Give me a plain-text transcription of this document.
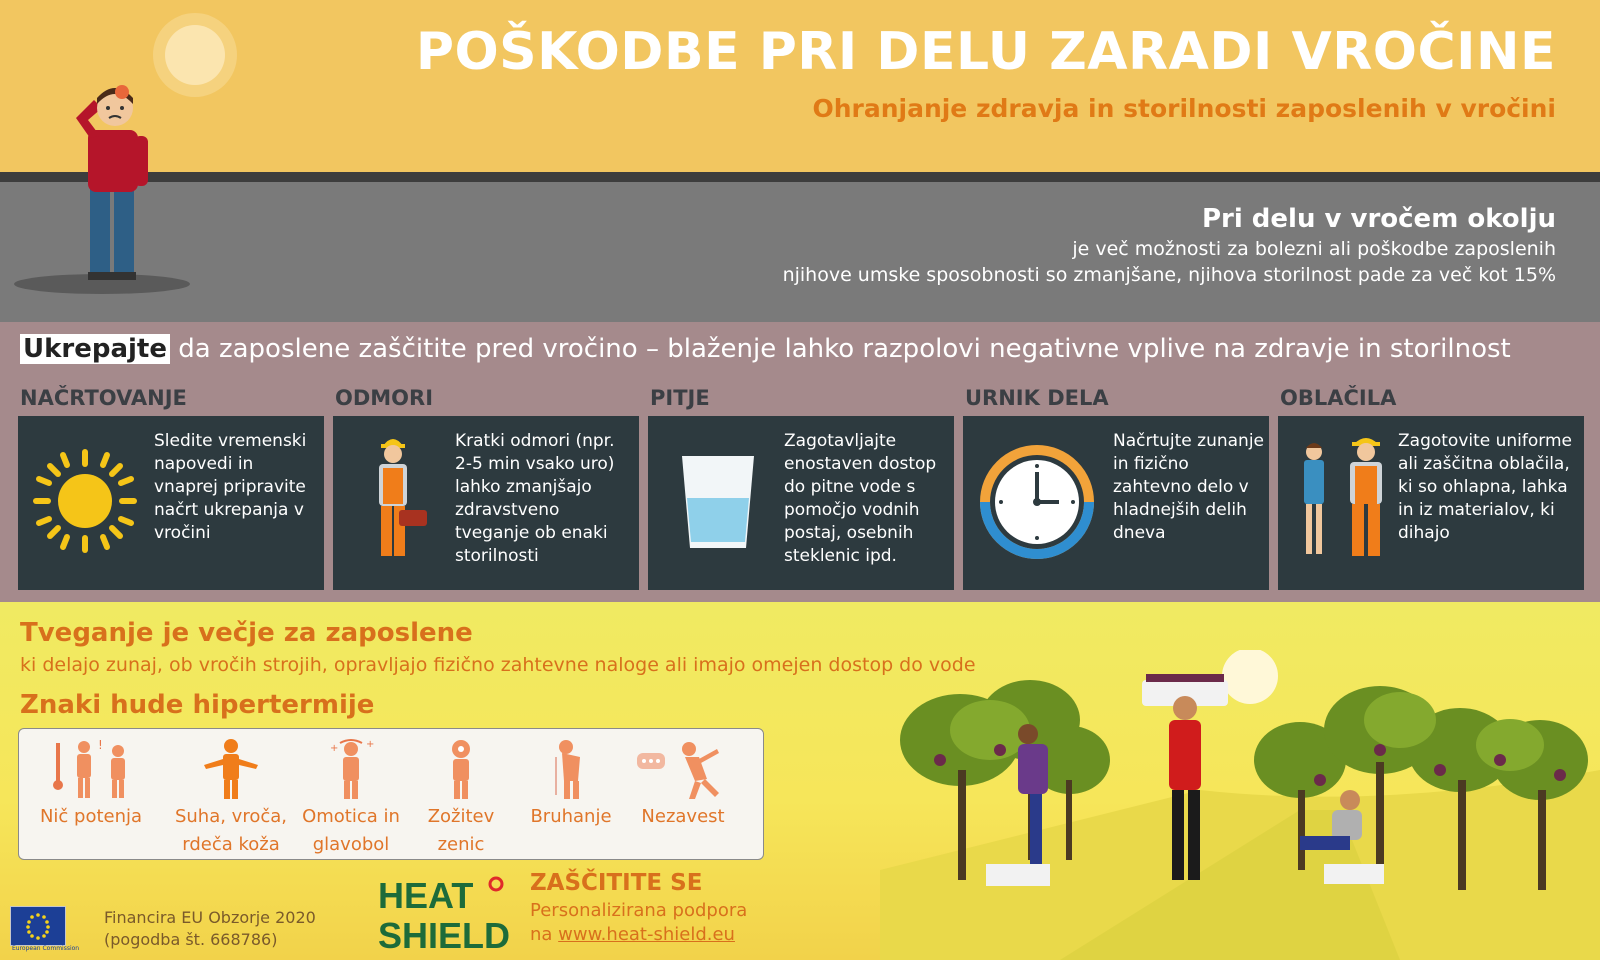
POŠKODBE PRI DELU ZARADI VROČINE
Ohranjanje zdravja in storilnosti zaposlenih v vročini
Pri delu v vročem okolju
je več možnosti za bolezni ali poškodbe zaposlenih
njihove umske sposobnosti so zmanjšane, njihova storilnost pade za več kot 15%
Ukrepajte da zaposlene zaščitite pred vročino – blaženje lahko razpolovi negativne vplive na zdravje in storilnost
NAČRTOVANJE	ODMORI	PITJE	URNIK DELA	OBLAČILA
Sledite vremenski napovedi in vnaprej pripravite načrt ukrepanja v vročini
Kratki odmori (npr. 2-5 min vsako uro) lahko zmanjšajo zdravstveno tveganje ob enaki storilnosti
Zagotavljajte enostaven dostop do pitne vode s pomočjo vodnih postaj, osebnih steklenic ipd.
Načrtujte zunanje in fizično zahtevno delo v hladnejših delih dneva
Zagotovite uniforme ali zaščitna oblačila, ki so ohlapna, lahka in iz materialov, ki dihajo
Tveganje je večje za zaposlene
ki delajo zunaj, ob vročih strojih, opravljajo fizično zahtevne naloge ali imajo omejen dostop do vode
Znaki hude hipertermije
!
Nič potenja	Suha, vroča,
rdeča koža
+	+
Omotica in
glavobol
Zožitev
zenic
Bruhanje	Nezavest
European Commission
Financira EU Obzorje 2020
(pogodba št. 668786)
HEAT
SHIELD
ZAŠČITITE SE
Personalizirana podpora
na www.heat-shield.eu
